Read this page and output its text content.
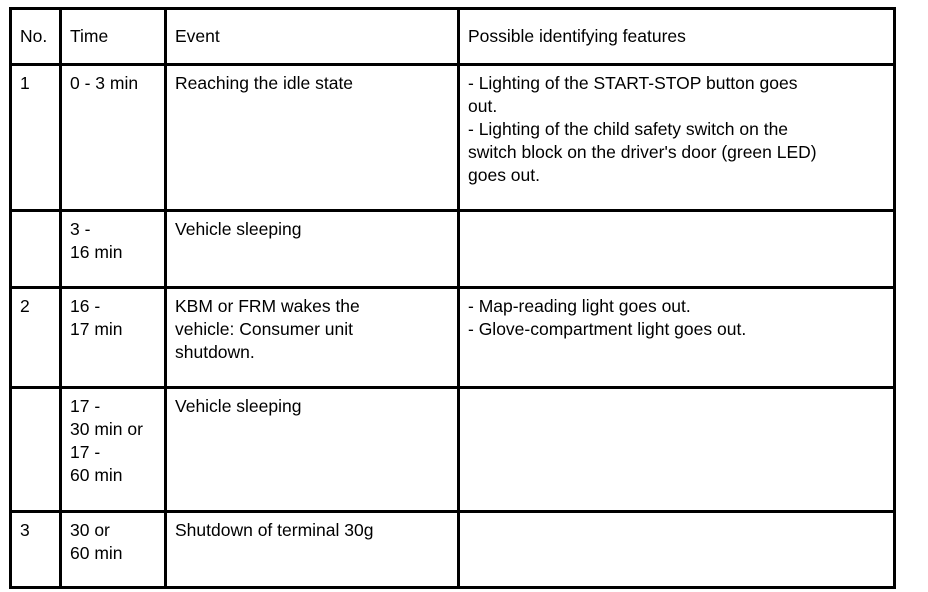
No.	Time	Event	Possible identifying features

1	0 - 3 min	Reaching the idle state	- Lighting of the START-STOP button goes
out.
- Lighting of the child safety switch on the
switch block on the driver's door (green LED)
goes out.

	3 -
16 min	Vehicle sleeping	

2	16 -
17 min	KBM or FRM wakes the
vehicle: Consumer unit
shutdown.	- Map-reading light goes out.
- Glove-compartment light goes out.

	17 -
30 min or
17 -
60 min	Vehicle sleeping	

3	30 or
60 min	Shutdown of terminal 30g	
